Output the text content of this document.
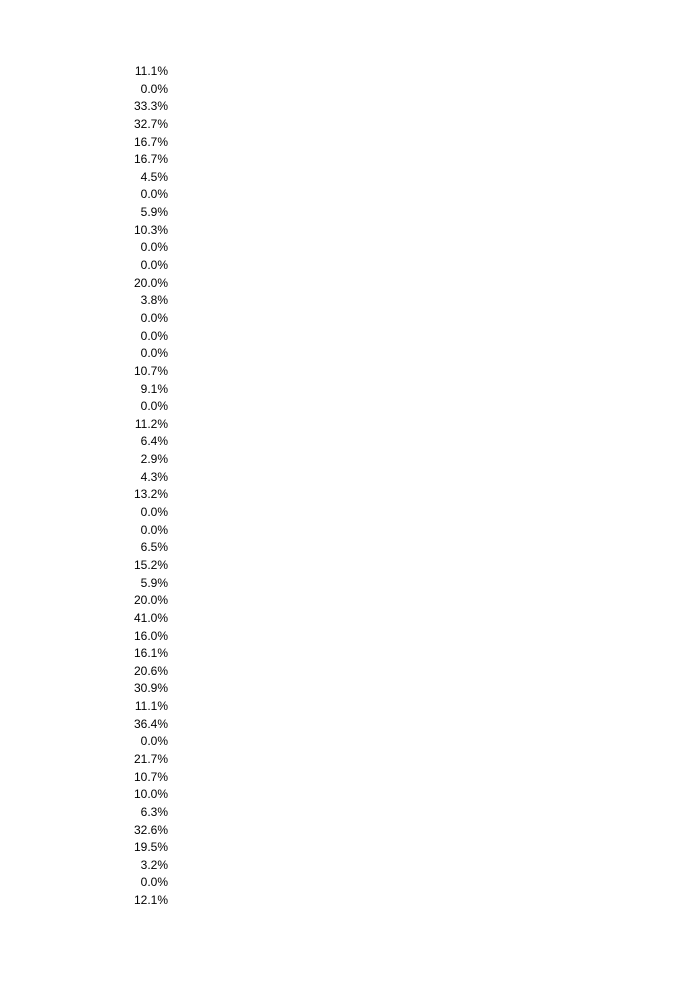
11.1%
0.0%
33.3%
32.7%
16.7%
16.7%
4.5%
0.0%
5.9%
10.3%
0.0%
0.0%
20.0%
3.8%
0.0%
0.0%
0.0%
10.7%
9.1%
0.0%
11.2%
6.4%
2.9%
4.3%
13.2%
0.0%
0.0%
6.5%
15.2%
5.9%
20.0%
41.0%
16.0%
16.1%
20.6%
30.9%
11.1%
36.4%
0.0%
21.7%
10.7%
10.0%
6.3%
32.6%
19.5%
3.2%
0.0%
12.1%
